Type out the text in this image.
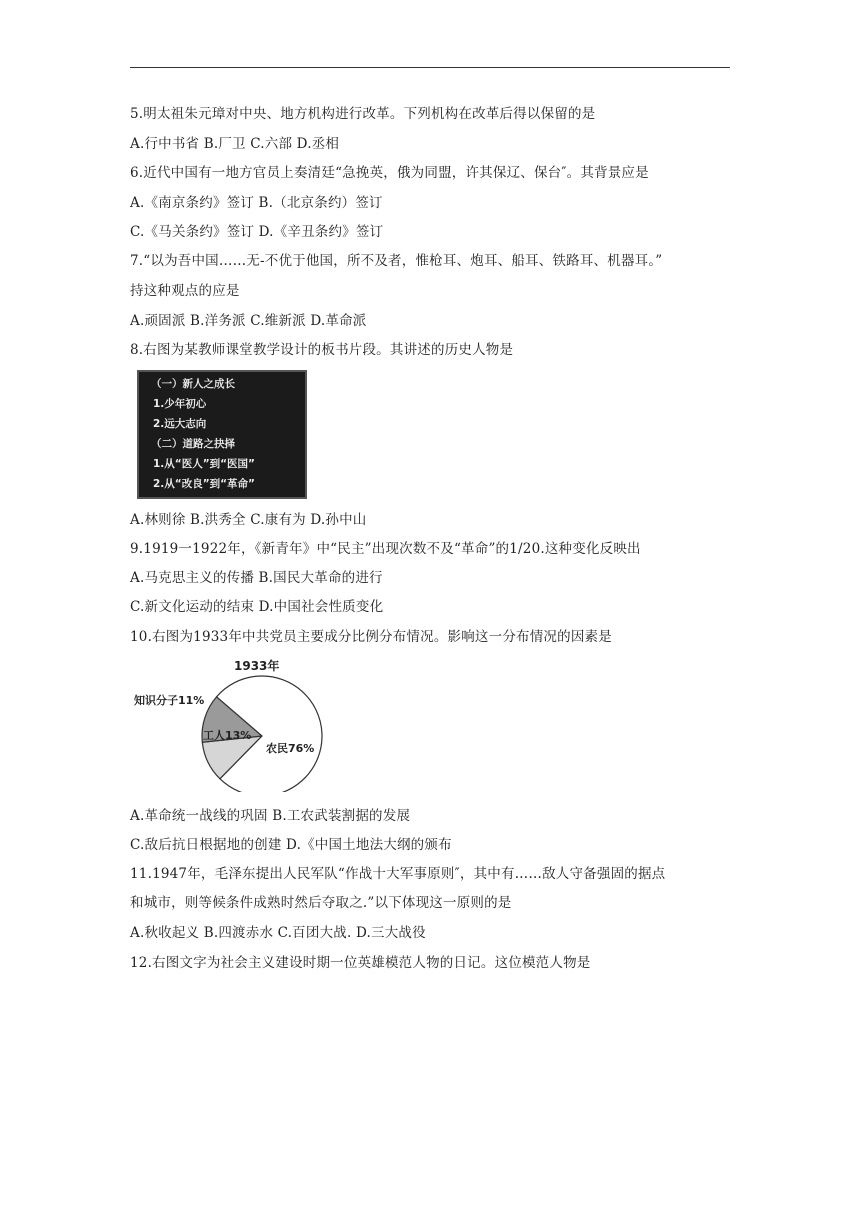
5.明太祖朱元璋对中央、地方机构进行改革。下列机构在改革后得以保留的是
A.行中书省 B.厂卫 C.六部 D.丞相
6.近代中国有一地方官员上奏清廷“急挽英，俄为同盟，许其保辽、保台″。其背景应是
A.《南京条约》签订 B.（北京条约）签订
C.《马关条约》签订 D.《辛丑条约》签订
7.“以为吾中国……无-不优于他国，所不及者，惟枪耳、炮耳、船耳、铁路耳、机器耳。”
持这种观点的应是
A.顽固派 B.洋务派 C.维新派 D.革命派
8.右图为某教师课堂教学设计的板书片段。其讲述的历史人物是
（一）新人之成长
1.少年初心
2.远大志向
（二）道路之抉择
1.从“医人”到“医国”
2.从“改良”到“革命”
A.林则徐 B.洪秀全 C.康有为 D.孙中山
9.1919一1922年，《新青年》中“民主”出现次数不及“革命”的1/20.这种变化反映出
A.马克思主义的传播 B.国民大革命的进行
C.新文化运动的结束 D.中国社会性质变化
10.右图为1933年中共党员主要成分比例分布情况。影响这一分布情况的因素是
1933年
知识分子11%
工人13%
农民76%
A.革命统一战线的巩固 B.工农武装割据的发展
C.敌后抗日根据地的创建 D.《中国土地法大纲的颁布
11.1947年，毛泽东提出人民军队“作战十大军事原则″，其中有……敌人守备强固的据点
和城市，则等候条件成熟时然后夺取之.”以下体现这一原则的是
A.秋收起义 B.四渡赤水 C.百团大战. D.三大战役
12.右图文字为社会主义建设时期一位英雄模范人物的日记。这位模范人物是
